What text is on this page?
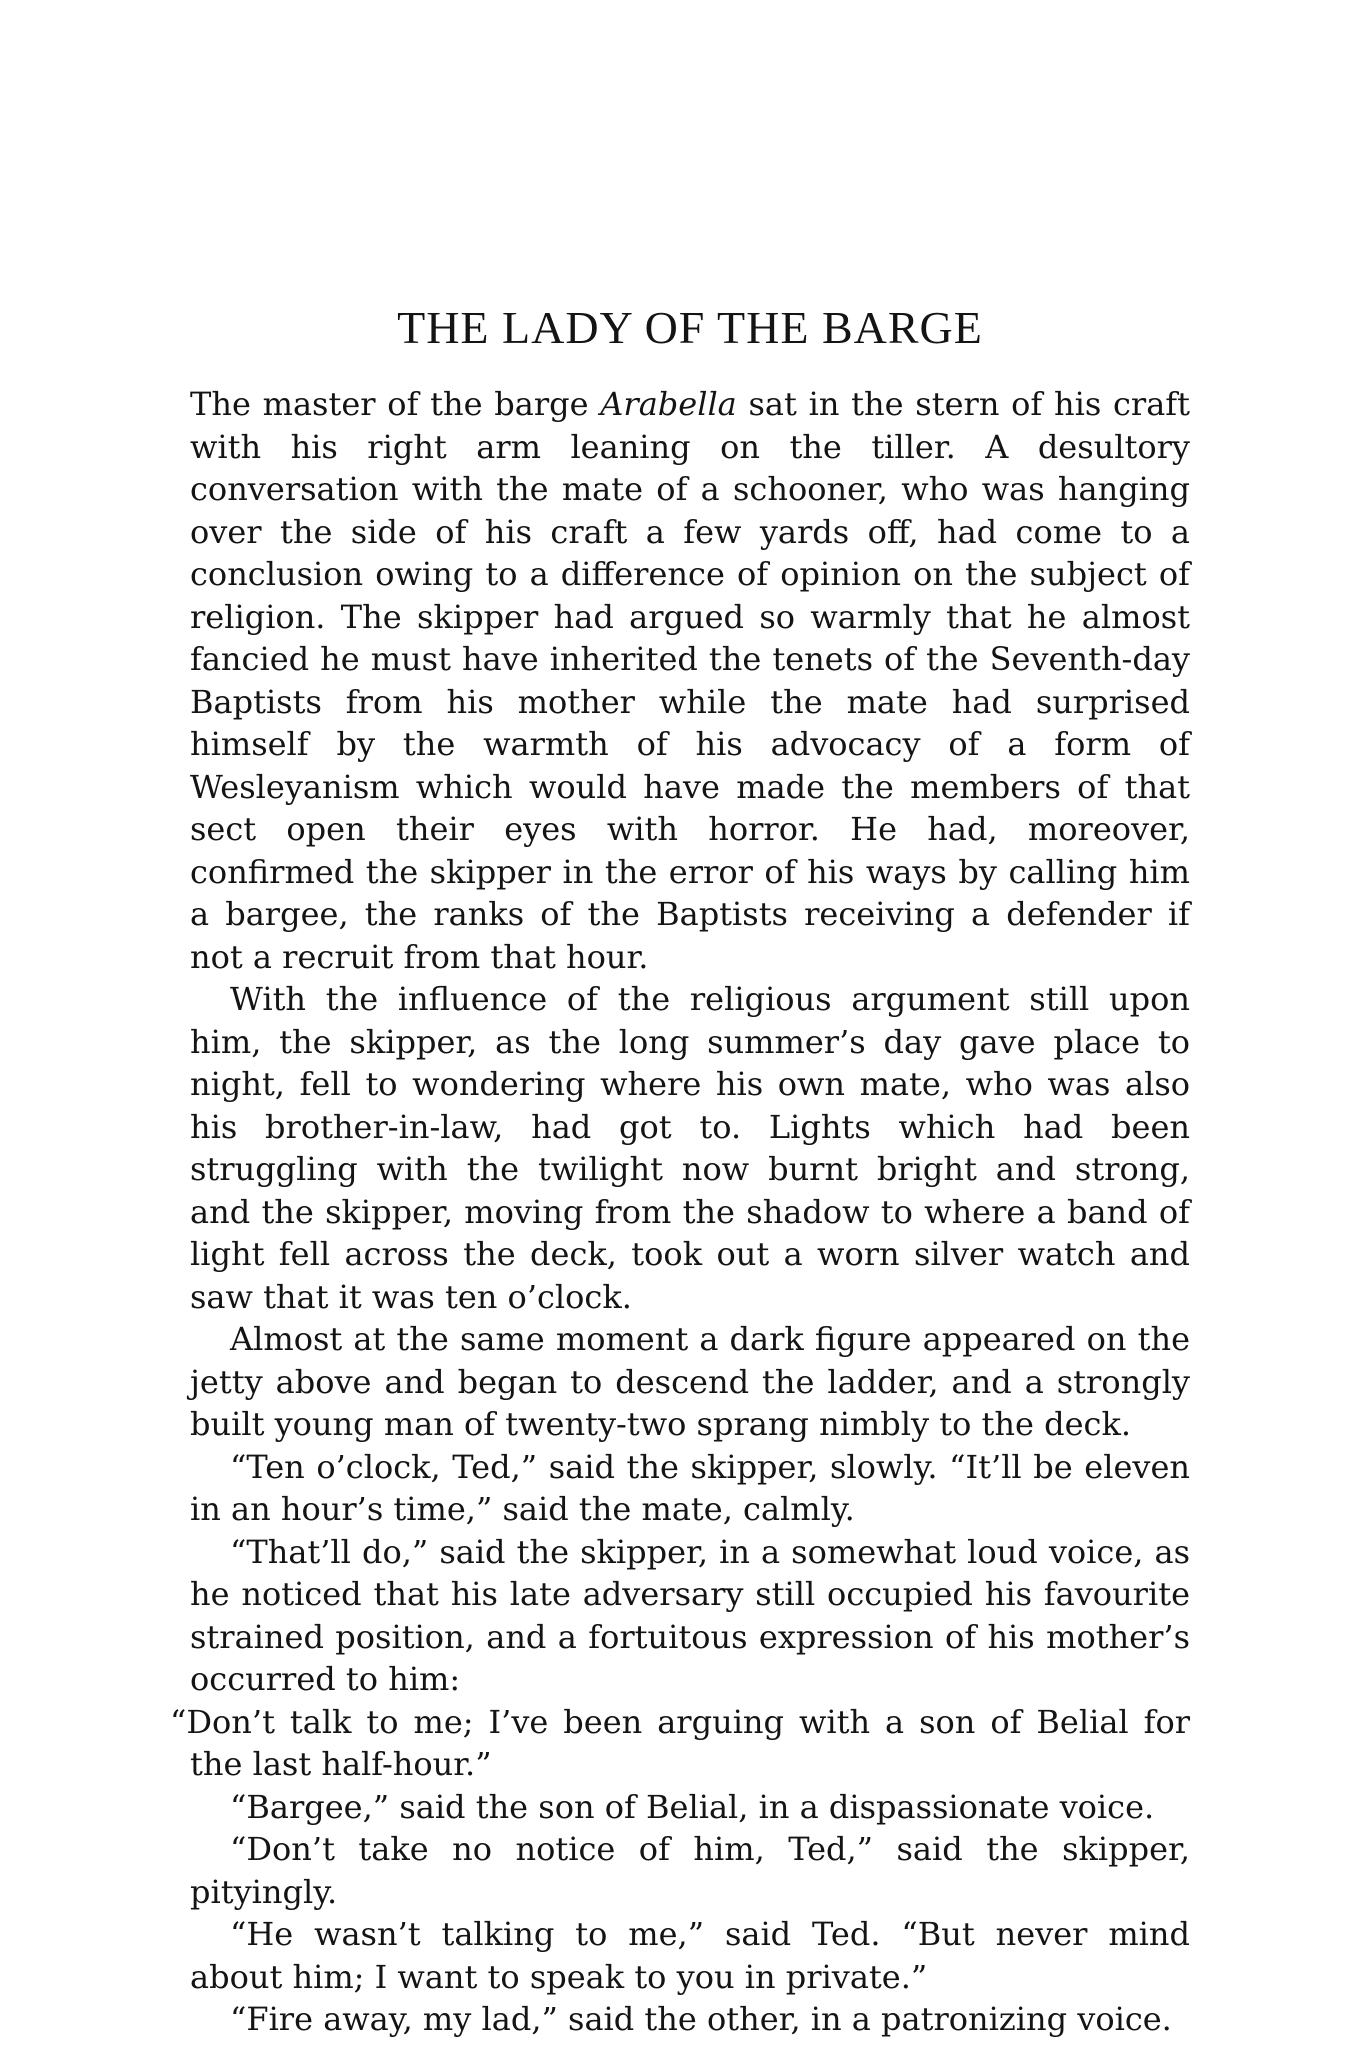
THE LADY OF THE BARGE

The master of the barge Arabella sat in the stern of his craft with his right arm leaning on the tiller. A desultory conversation with the mate of a schooner, who was hanging over the side of his craft a few yards off, had come to a conclusion owing to a difference of opinion on the subject of religion. The skipper had argued so warmly that he almost fancied he must have inherited the tenets of the Seventh-day Baptists from his mother while the mate had surprised himself by the warmth of his advocacy of a form of Wesleyanism which would have made the members of that sect open their eyes with horror. He had, moreover, confirmed the skipper in the error of his ways by calling him a bargee, the ranks of the Baptists receiving a defender if not a recruit from that hour.

With the influence of the religious argument still upon him, the skipper, as the long summer’s day gave place to night, fell to wondering where his own mate, who was also his brother-in-law, had got to. Lights which had been struggling with the twilight now burnt bright and strong, and the skipper, moving from the shadow to where a band of light fell across the deck, took out a worn silver watch and saw that it was ten o’clock.

Almost at the same moment a dark figure appeared on the jetty above and began to descend the ladder, and a strongly built young man of twenty-two sprang nimbly to the deck.

“Ten o’clock, Ted,” said the skipper, slowly. “It’ll be eleven in an hour’s time,” said the mate, calmly.

“That’ll do,” said the skipper, in a somewhat loud voice, as he noticed that his late adversary still occupied his favourite strained position, and a fortuitous expression of his mother’s occurred to him:

“Don’t talk to me; I’ve been arguing with a son of Belial for the last half-hour.”

“Bargee,” said the son of Belial, in a dispassionate voice.

“Don’t take no notice of him, Ted,” said the skipper, pityingly.

“He wasn’t talking to me,” said Ted. “But never mind about him; I want to speak to you in private.”

“Fire away, my lad,” said the other, in a patronizing voice.
